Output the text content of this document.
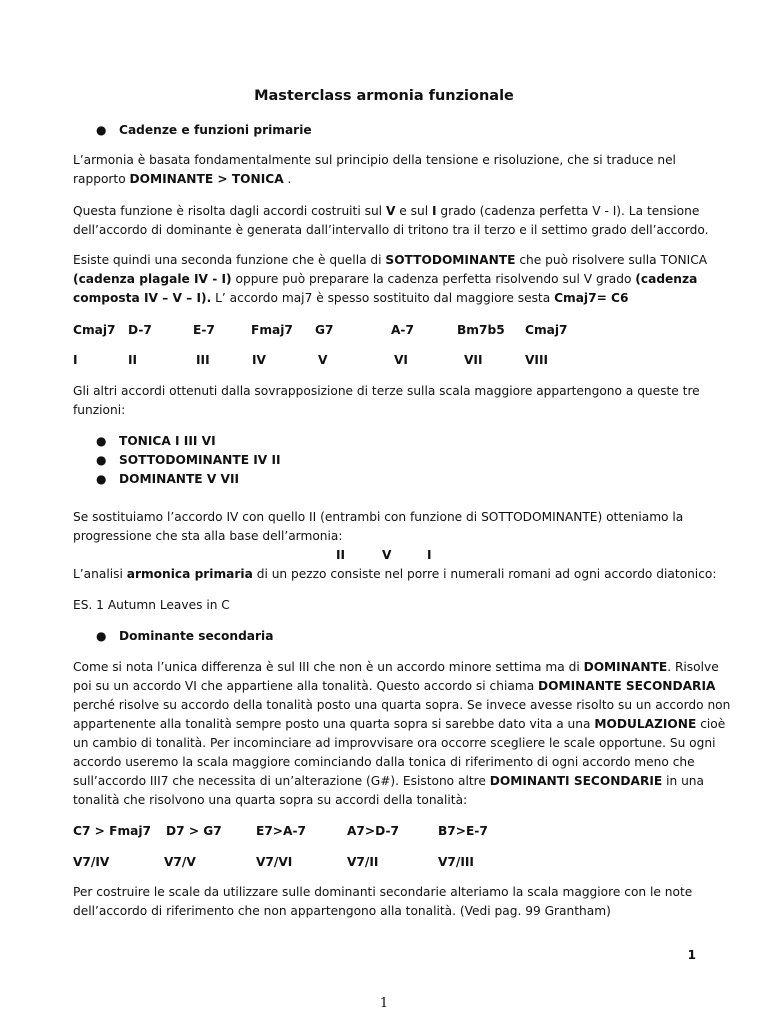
Masterclass armonia funzionale
● Cadenze e funzioni primarie
L’armonia è basata fondamentalmente sul principio della tensione e risoluzione, che si traduce nel
rapporto DOMINANTE > TONICA .
Questa funzione è risolta dagli accordi costruiti sul V e sul I grado (cadenza perfetta V - I). La tensione
dell’accordo di dominante è generata dall’intervallo di tritono tra il terzo e il settimo grado dell’accordo.
Esiste quindi una seconda funzione che è quella di SOTTODOMINANTE che può risolvere sulla TONICA
(cadenza plagale IV - I) oppure può preparare la cadenza perfetta risolvendo sul V grado (cadenza
composta IV – V – I). L’ accordo maj7 è spesso sostituito dal maggiore sesta Cmaj7= C6
Cmaj7 D-7	E-7	Fmaj7 G7	A-7	Bm7b5 Cmaj7
I	II	III	IV	V	VI	VII	VIII
Gli altri accordi ottenuti dalla sovrapposizione di terze sulla scala maggiore appartengono a queste tre
funzioni:
● TONICA I III VI
● SOTTODOMINANTE IV II
● DOMINANTE V VII
Se sostituiamo l’accordo IV con quello II (entrambi con funzione di SOTTODOMINANTE) otteniamo la
progressione che sta alla base dell’armonia:
II	V	I
L’analisi armonica primaria di un pezzo consiste nel porre i numerali romani ad ogni accordo diatonico:
ES. 1 Autumn Leaves in C
● Dominante secondaria
Come si nota l’unica differenza è sul III che non è un accordo minore settima ma di DOMINANTE. Risolve
poi su un accordo VI che appartiene alla tonalità. Questo accordo si chiama DOMINANTE SECONDARIA
perché risolve su accordo della tonalità posto una quarta sopra. Se invece avesse risolto su un accordo non
appartenente alla tonalità sempre posto una quarta sopra si sarebbe dato vita a una MODULAZIONE cioè
un cambio di tonalità. Per incominciare ad improvvisare ora occorre scegliere le scale opportune. Su ogni
accordo useremo la scala maggiore cominciando dalla tonica di riferimento di ogni accordo meno che
sull’accordo III7 che necessita di un’alterazione (G#). Esistono altre DOMINANTI SECONDARIE in una
tonalità che risolvono una quarta sopra su accordi della tonalità:
C7 > Fmaj7 D7 > G7	E7>A-7	A7>D-7	B7>E-7
V7/IV	V7/V	V7/VI	V7/II	V7/III
Per costruire le scale da utilizzare sulle dominanti secondarie alteriamo la scala maggiore con le note
dell’accordo di riferimento che non appartengono alla tonalità. (Vedi pag. 99 Grantham)
1
1
